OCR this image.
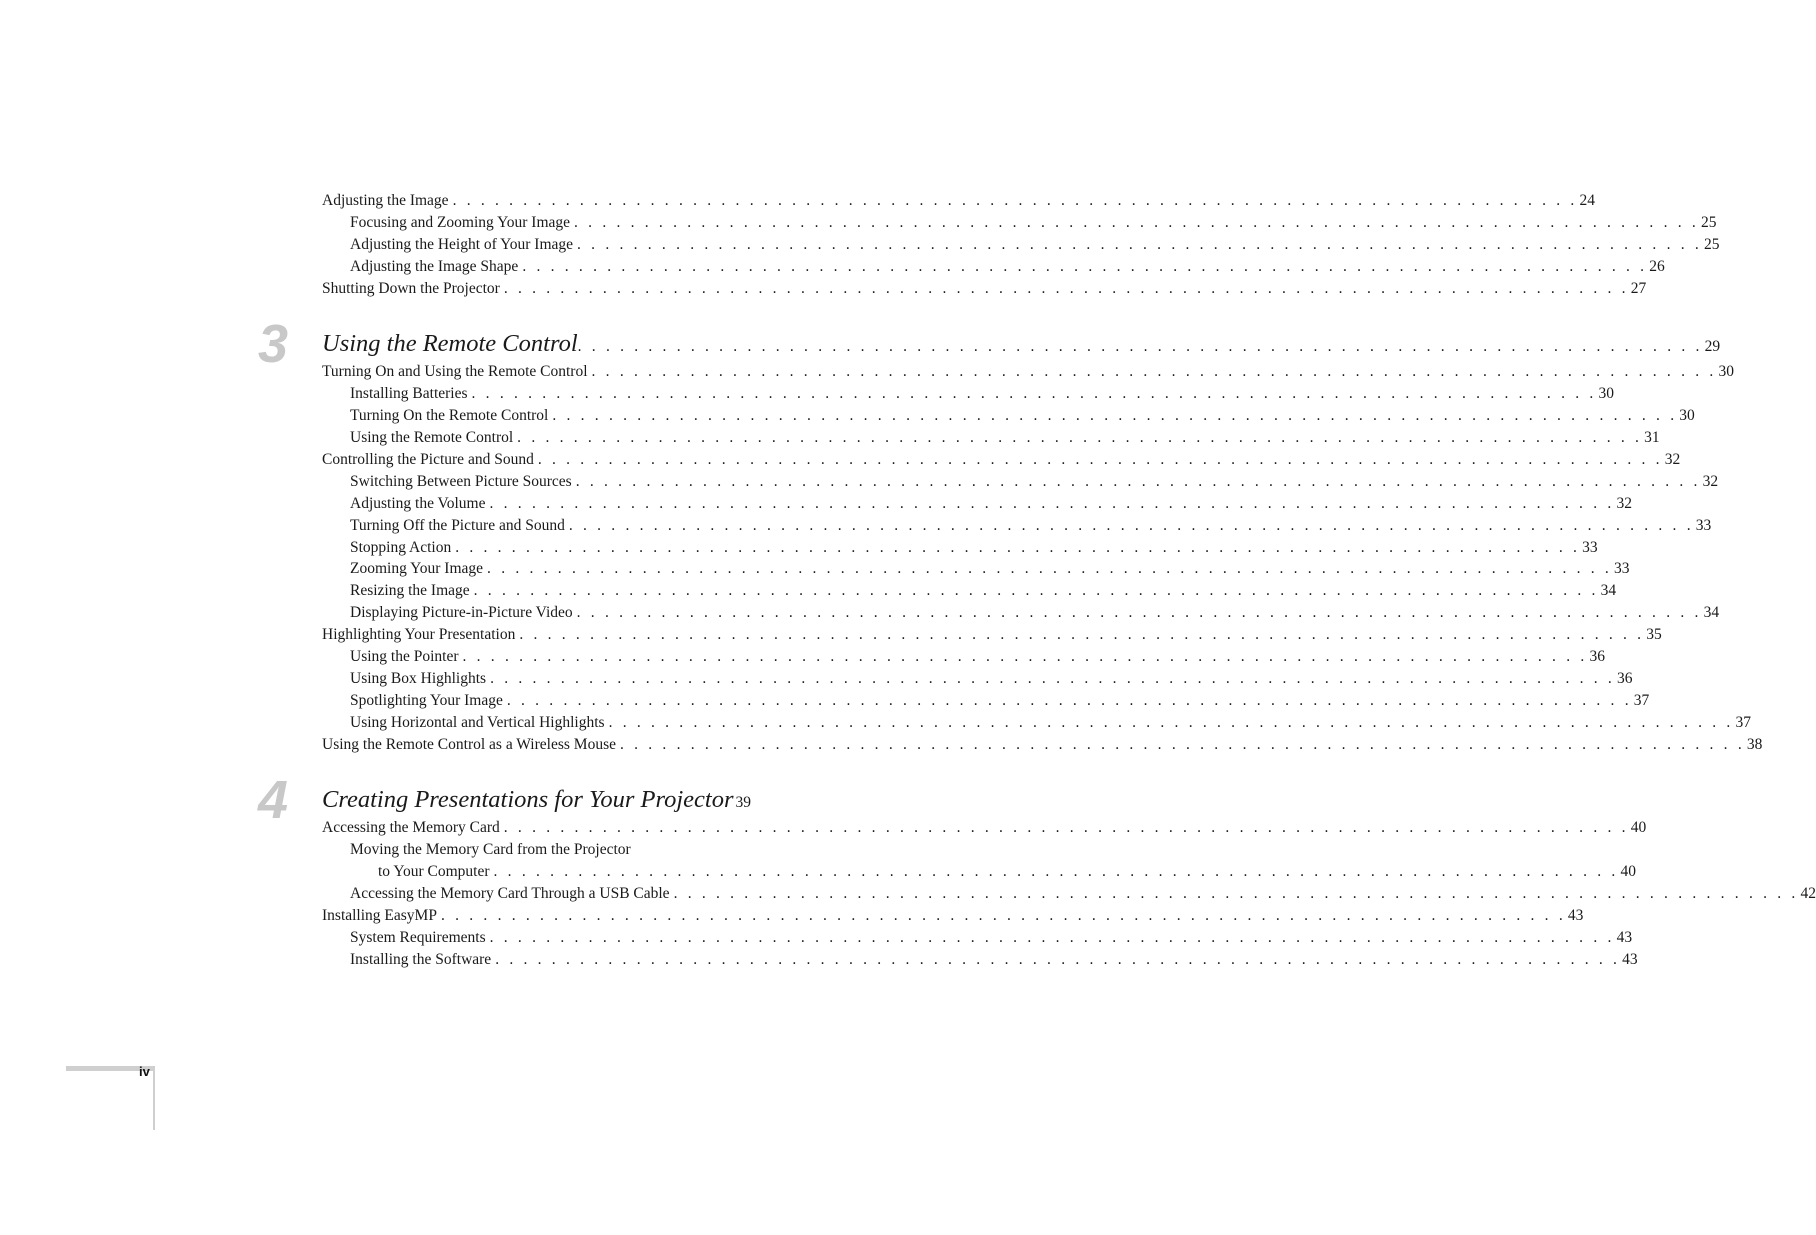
Adjusting the Image . . . . . . . . . . . . . . . . . . . . . . . . . . . . . . . . . . . . . . . . . . . . . . . . . . . . . . . . . . . . . . . . . . . . . . . . . . . . . . . . 24
Focusing and Zooming Your Image . . . . . . . . . . . . . . . . . . . . . . . . . . . . . . . . . . . . . . . . . . . . . . . . . . . . . . . . . . . . . . . . . . . . . . . . . . . . . . . . 25
Adjusting the Height of Your Image . . . . . . . . . . . . . . . . . . . . . . . . . . . . . . . . . . . . . . . . . . . . . . . . . . . . . . . . . . . . . . . . . . . . . . . . . . . . . . . . 25
Adjusting the Image Shape . . . . . . . . . . . . . . . . . . . . . . . . . . . . . . . . . . . . . . . . . . . . . . . . . . . . . . . . . . . . . . . . . . . . . . . . . . . . . . . . 26
Shutting Down the Projector . . . . . . . . . . . . . . . . . . . . . . . . . . . . . . . . . . . . . . . . . . . . . . . . . . . . . . . . . . . . . . . . . . . . . . . . . . . . . . . . 27
3 Using the Remote Control . . . . . . . . . . . . . . . . . . . . . . . . . . . . . . . . . . . . . . . . . . . . . . . . . . . . . . . . . . . . . . . . . . . . . . . . . . . . . . . . 29
Turning On and Using the Remote Control . . . . . . . . . . . . . . . . . . . . . . . . . . . . . . . . . . . . . . . . . . . . . . . . . . . . . . . . . . . . . . . . . . . . . . . . . . . . . . . . 30
Installing Batteries . . . . . . . . . . . . . . . . . . . . . . . . . . . . . . . . . . . . . . . . . . . . . . . . . . . . . . . . . . . . . . . . . . . . . . . . . . . . . . . . 30
Turning On the Remote Control . . . . . . . . . . . . . . . . . . . . . . . . . . . . . . . . . . . . . . . . . . . . . . . . . . . . . . . . . . . . . . . . . . . . . . . . . . . . . . . . 30
Using the Remote Control . . . . . . . . . . . . . . . . . . . . . . . . . . . . . . . . . . . . . . . . . . . . . . . . . . . . . . . . . . . . . . . . . . . . . . . . . . . . . . . . 31
Controlling the Picture and Sound . . . . . . . . . . . . . . . . . . . . . . . . . . . . . . . . . . . . . . . . . . . . . . . . . . . . . . . . . . . . . . . . . . . . . . . . . . . . . . . . 32
Switching Between Picture Sources . . . . . . . . . . . . . . . . . . . . . . . . . . . . . . . . . . . . . . . . . . . . . . . . . . . . . . . . . . . . . . . . . . . . . . . . . . . . . . . . 32
Adjusting the Volume . . . . . . . . . . . . . . . . . . . . . . . . . . . . . . . . . . . . . . . . . . . . . . . . . . . . . . . . . . . . . . . . . . . . . . . . . . . . . . . . 32
Turning Off the Picture and Sound . . . . . . . . . . . . . . . . . . . . . . . . . . . . . . . . . . . . . . . . . . . . . . . . . . . . . . . . . . . . . . . . . . . . . . . . . . . . . . . . 33
Stopping Action . . . . . . . . . . . . . . . . . . . . . . . . . . . . . . . . . . . . . . . . . . . . . . . . . . . . . . . . . . . . . . . . . . . . . . . . . . . . . . . . 33
Zooming Your Image . . . . . . . . . . . . . . . . . . . . . . . . . . . . . . . . . . . . . . . . . . . . . . . . . . . . . . . . . . . . . . . . . . . . . . . . . . . . . . . . 33
Resizing the Image . . . . . . . . . . . . . . . . . . . . . . . . . . . . . . . . . . . . . . . . . . . . . . . . . . . . . . . . . . . . . . . . . . . . . . . . . . . . . . . . 34
Displaying Picture-in-Picture Video . . . . . . . . . . . . . . . . . . . . . . . . . . . . . . . . . . . . . . . . . . . . . . . . . . . . . . . . . . . . . . . . . . . . . . . . . . . . . . . . 34
Highlighting Your Presentation . . . . . . . . . . . . . . . . . . . . . . . . . . . . . . . . . . . . . . . . . . . . . . . . . . . . . . . . . . . . . . . . . . . . . . . . . . . . . . . . 35
Using the Pointer . . . . . . . . . . . . . . . . . . . . . . . . . . . . . . . . . . . . . . . . . . . . . . . . . . . . . . . . . . . . . . . . . . . . . . . . . . . . . . . . 36
Using Box Highlights . . . . . . . . . . . . . . . . . . . . . . . . . . . . . . . . . . . . . . . . . . . . . . . . . . . . . . . . . . . . . . . . . . . . . . . . . . . . . . . . 36
Spotlighting Your Image . . . . . . . . . . . . . . . . . . . . . . . . . . . . . . . . . . . . . . . . . . . . . . . . . . . . . . . . . . . . . . . . . . . . . . . . . . . . . . . . 37
Using Horizontal and Vertical Highlights . . . . . . . . . . . . . . . . . . . . . . . . . . . . . . . . . . . . . . . . . . . . . . . . . . . . . . . . . . . . . . . . . . . . . . . . . . . . . . . . 37
Using the Remote Control as a Wireless Mouse . . . . . . . . . . . . . . . . . . . . . . . . . . . . . . . . . . . . . . . . . . . . . . . . . . . . . . . . . . . . . . . . . . . . . . . . . . . . . . . . 38
4 Creating Presentations for Your Projector 39
Accessing the Memory Card . . . . . . . . . . . . . . . . . . . . . . . . . . . . . . . . . . . . . . . . . . . . . . . . . . . . . . . . . . . . . . . . . . . . . . . . . . . . . . . . 40
Moving the Memory Card from the Projector
to Your Computer . . . . . . . . . . . . . . . . . . . . . . . . . . . . . . . . . . . . . . . . . . . . . . . . . . . . . . . . . . . . . . . . . . . . . . . . . . . . . . . . 40
Accessing the Memory Card Through a USB Cable . . . . . . . . . . . . . . . . . . . . . . . . . . . . . . . . . . . . . . . . . . . . . . . . . . . . . . . . . . . . . . . . . . . . . . . . . . . . . . . . 42
Installing EasyMP . . . . . . . . . . . . . . . . . . . . . . . . . . . . . . . . . . . . . . . . . . . . . . . . . . . . . . . . . . . . . . . . . . . . . . . . . . . . . . . . 43
System Requirements . . . . . . . . . . . . . . . . . . . . . . . . . . . . . . . . . . . . . . . . . . . . . . . . . . . . . . . . . . . . . . . . . . . . . . . . . . . . . . . . 43
Installing the Software . . . . . . . . . . . . . . . . . . . . . . . . . . . . . . . . . . . . . . . . . . . . . . . . . . . . . . . . . . . . . . . . . . . . . . . . . . . . . . . . 43
iv
